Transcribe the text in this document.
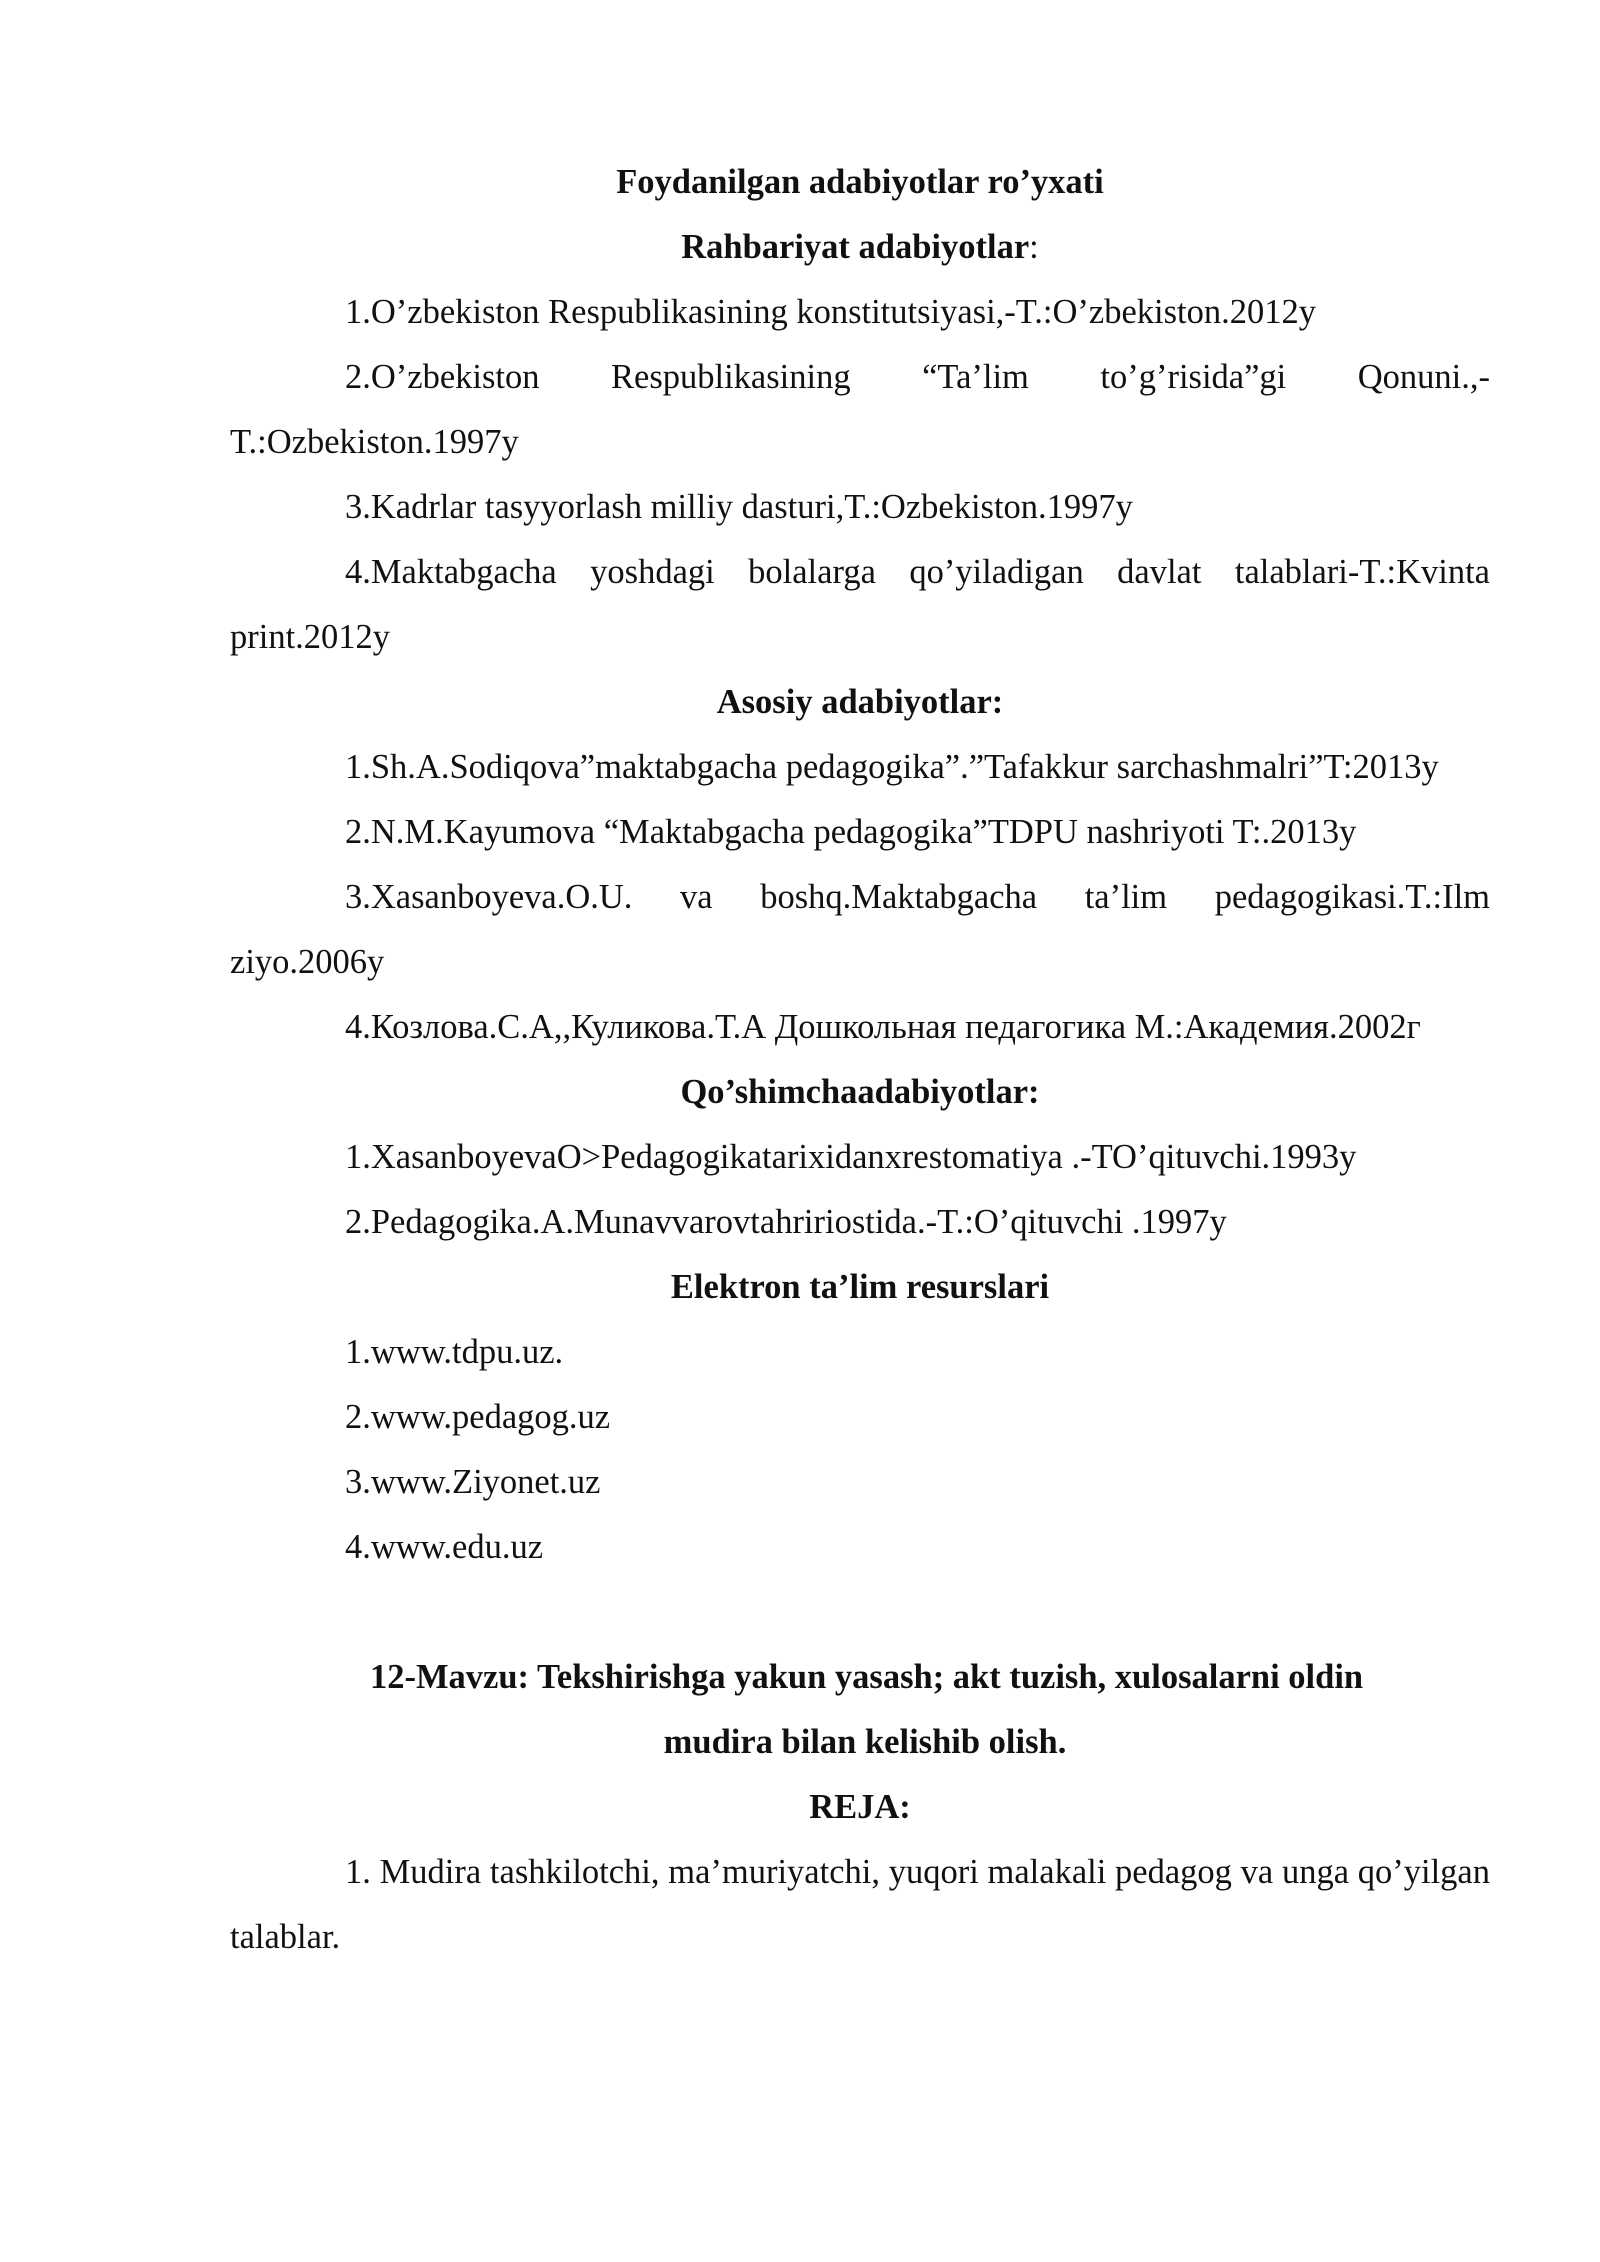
Foydanilgan adabiyotlar ro’yxati

Rahbariyat adabiyotlar:

1.O’zbekiston Respublikasining konstitutsiyasi,-T.:O’zbekiston.2012y

2.O’zbekiston Respublikasining “Ta’lim to’g’risida”gi Qonuni.,-T.:Ozbekiston.1997y

3.Kadrlar tasyyorlash milliy dasturi,T.:Ozbekiston.1997y

4.Maktabgacha yoshdagi bolalarga qo’yiladigan davlat talablari-T.:Kvinta print.2012y

Asosiy adabiyotlar:

1.Sh.A.Sodiqova”maktabgacha pedagogika”.”Tafakkur sarchashmalri”T:2013y

2.N.M.Kayumova “Maktabgacha pedagogika”TDPU nashriyoti T:.2013y

3.Xasanboyeva.O.U. va boshq.Maktabgacha ta’lim pedagogikasi.T.:Ilm ziyo.2006y

4.Козлова.С.А,,Куликова.Т.А Дошкольная педагогика М.:Академия.2002г

Qo’shimchaadabiyotlar:

1.XasanboyevaO>Pedagogikatarixidanxrestomatiya .-TO’qituvchi.1993y

2.Pedagogika.A.Munavvarovtahririostida.-T.:O’qituvchi .1997y

Elektron ta’lim resurslari

1.www.tdpu.uz.

2.www.pedagog.uz

3.www.Ziyonet.uz

4.www.edu.uz

12-Mavzu: Tekshirishga yakun yasash; akt tuzish, xulosalarni oldin
mudira bilan kelishib olish.

REJA:

1. Mudira tashkilotchi, ma’muriyatchi, yuqori malakali pedagog va unga qo’yilgan talablar.
